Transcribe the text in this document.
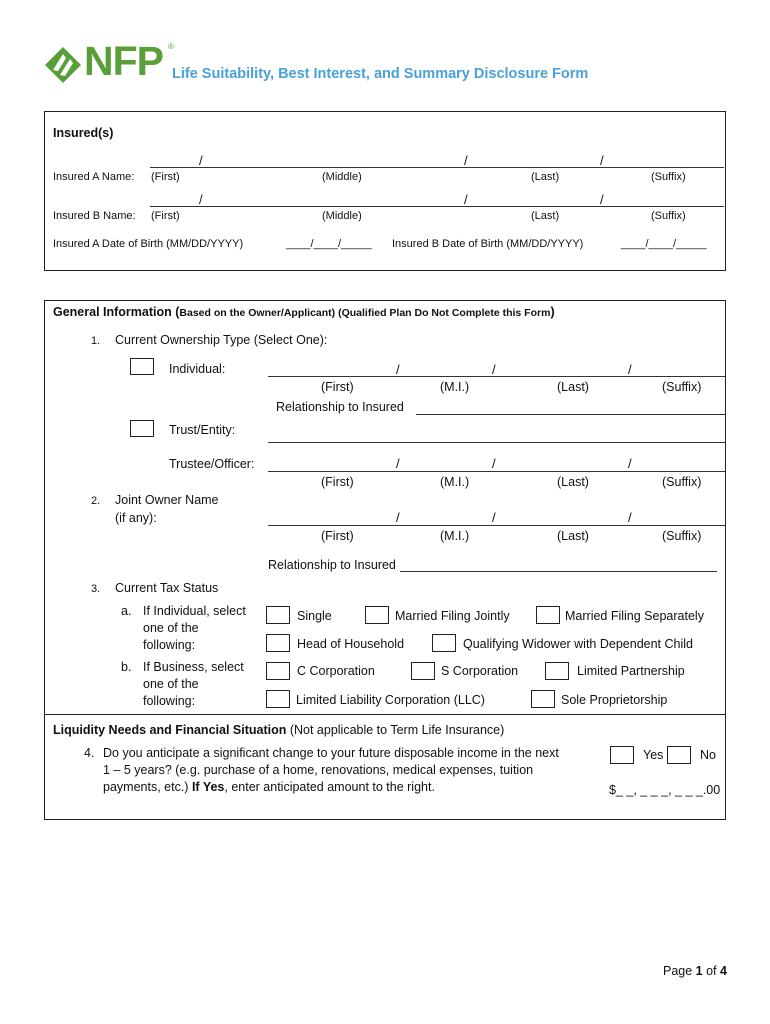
NFP ®
Life Suitability, Best Interest, and Summary Disclosure Form
Insured(s)
/	/	/
Insured A Name: (First)	(Middle)	(Last)	(Suffix)
/	/	/
Insured B Name: (First)	(Middle)	(Last)	(Suffix)
Insured A Date of Birth (MM/DD/YYYY)	____/____/_____ Insured B Date of Birth (MM/DD/YYYY)	____/____/_____
General Information (Based on the Owner/Applicant) (Qualified Plan Do Not Complete this Form)
1. Current Ownership Type (Select One):
Individual:	/	/	/
(First)	(M.I.)	(Last)	(Suffix)
Relationship to Insured
Trust/Entity:
Trustee/Officer:	/	/	/
(First)	(M.I.)	(Last)	(Suffix)
2. Joint Owner Name
(if any):	/	/	/
(First)	(M.I.)	(Last)	(Suffix)
Relationship to Insured
3. Current Tax Status
a. If Individual, select
one of the
following:
Single	Married Filing Jointly	Married Filing Separately
Head of Household	Qualifying Widower with Dependent Child
b. If Business, select
one of the
following:
C Corporation	S Corporation	Limited Partnership
Limited Liability Corporation (LLC)	Sole Proprietorship
Liquidity Needs and Financial Situation (Not applicable to Term Life Insurance)
4. Do you anticipate a significant change to your future disposable income in the next
1 – 5 years? (e.g. purchase of a home, renovations, medical expenses, tuition
payments, etc.) If Yes, enter anticipated amount to the right.
Yes	No
$_ _, _ _ _, _ _ _.00
Page 1 of 4
